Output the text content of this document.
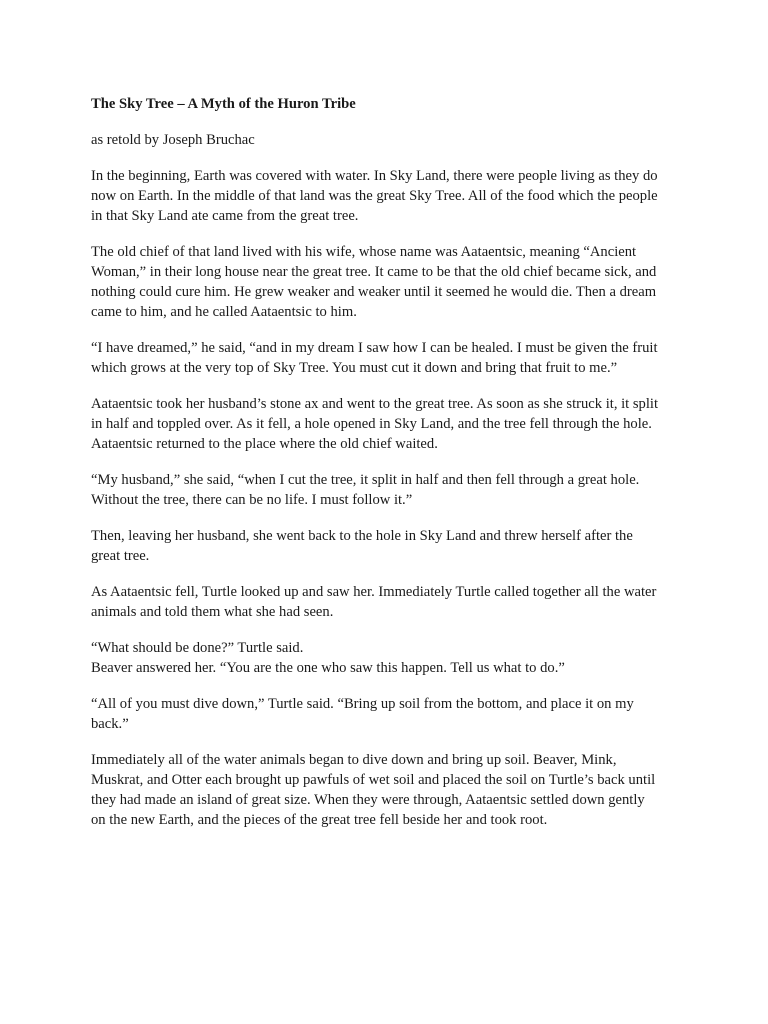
The Sky Tree – A Myth of the Huron Tribe
as retold by Joseph Bruchac
In the beginning, Earth was covered with water. In Sky Land, there were people living as they do
now on Earth. In the middle of that land was the great Sky Tree. All of the food which the people
in that Sky Land ate came from the great tree.
The old chief of that land lived with his wife, whose name was Aataentsic, meaning “Ancient
Woman,” in their long house near the great tree. It came to be that the old chief became sick, and
nothing could cure him. He grew weaker and weaker until it seemed he would die. Then a dream
came to him, and he called Aataentsic to him.
“I have dreamed,” he said, “and in my dream I saw how I can be healed. I must be given the fruit
which grows at the very top of Sky Tree. You must cut it down and bring that fruit to me.”
Aataentsic took her husband’s stone ax and went to the great tree. As soon as she struck it, it split
in half and toppled over. As it fell, a hole opened in Sky Land, and the tree fell through the hole.
Aataentsic returned to the place where the old chief waited.
“My husband,” she said, “when I cut the tree, it split in half and then fell through a great hole.
Without the tree, there can be no life. I must follow it.”
Then, leaving her husband, she went back to the hole in Sky Land and threw herself after the
great tree.
As Aataentsic fell, Turtle looked up and saw her. Immediately Turtle called together all the water
animals and told them what she had seen.
“What should be done?” Turtle said.
Beaver answered her. “You are the one who saw this happen. Tell us what to do.”
“All of you must dive down,” Turtle said. “Bring up soil from the bottom, and place it on my
back.”
Immediately all of the water animals began to dive down and bring up soil. Beaver, Mink,
Muskrat, and Otter each brought up pawfuls of wet soil and placed the soil on Turtle’s back until
they had made an island of great size. When they were through, Aataentsic settled down gently
on the new Earth, and the pieces of the great tree fell beside her and took root.
